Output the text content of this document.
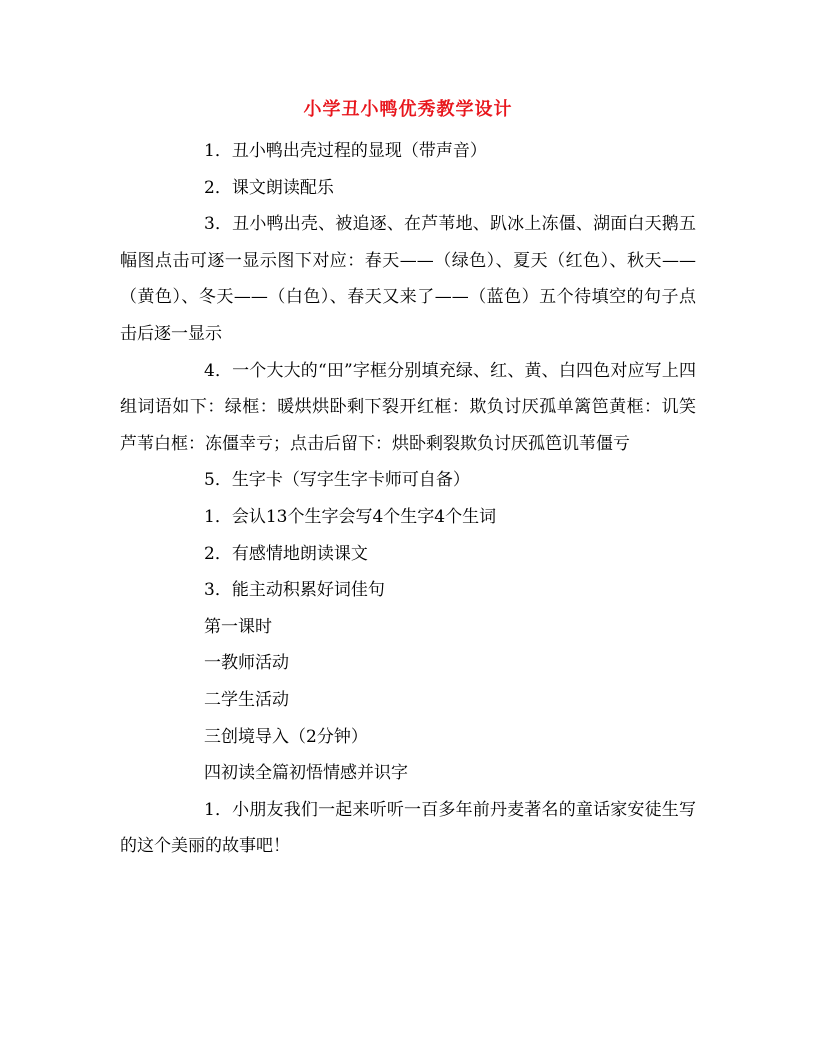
小学丑小鸭优秀教学设计

1．丑小鸭出壳过程的显现（带声音）

2．课文朗读配乐

3．丑小鸭出壳、被追逐、在芦苇地、趴冰上冻僵、湖面白天鹅五幅图点击可逐一显示图下对应：春天——（绿色）、夏天（红色）、秋天——（黄色）、冬天——（白色）、春天又来了——（蓝色）五个待填空的句子点击后逐一显示

4．一个大大的“田”字框分别填充绿、红、黄、白四色对应写上四组词语如下：绿框：暖烘烘卧剩下裂开红框：欺负讨厌孤单篱笆黄框：讥笑芦苇白框：冻僵幸亏；点击后留下：烘卧剩裂欺负讨厌孤笆讥苇僵亏

5．生字卡（写字生字卡师可自备）

1．会认13个生字会写4个生字4个生词

2．有感情地朗读课文

3．能主动积累好词佳句

第一课时

一教师活动

二学生活动

三创境导入（2分钟）

四初读全篇初悟情感并识字

1．小朋友我们一起来听听一百多年前丹麦著名的童话家安徒生写的这个美丽的故事吧！
